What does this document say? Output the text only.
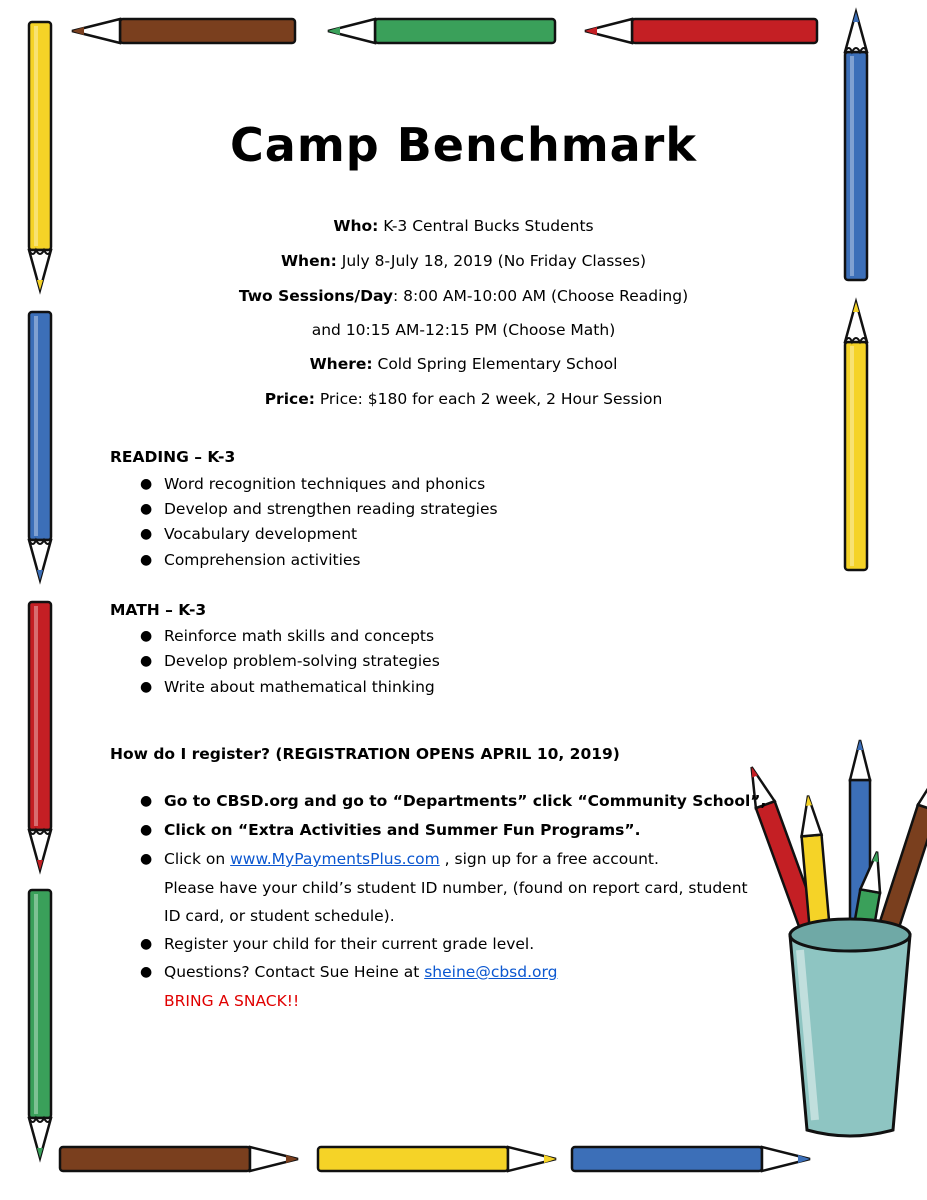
Camp Benchmark
Who: K-3 Central Bucks Students
When: July 8-July 18, 2019 (No Friday Classes)
Two Sessions/Day: 8:00 AM-10:00 AM (Choose Reading)
and 10:15 AM-12:15 PM (Choose Math)
Where: Cold Spring Elementary School
Price: Price: $180 for each 2 week, 2 Hour Session
READING – K-3
● Word recognition techniques and phonics
● Develop and strengthen reading strategies
● Vocabulary development
● Comprehension activities
MATH – K-3
● Reinforce math skills and concepts
● Develop problem-solving strategies
● Write about mathematical thinking
How do I register? (REGISTRATION OPENS APRIL 10, 2019)
● Go to CBSD.org and go to “Departments” click “Community School”,
● Click on “Extra Activities and Summer Fun Programs”.
● Click on www.MyPaymentsPlus.com , sign up for a free account.
Please have your child’s student ID number, (found on report card, student
ID card, or student schedule).
● Register your child for their current grade level.
● Questions? Contact Sue Heine at sheine@cbsd.org
BRING A SNACK!!
